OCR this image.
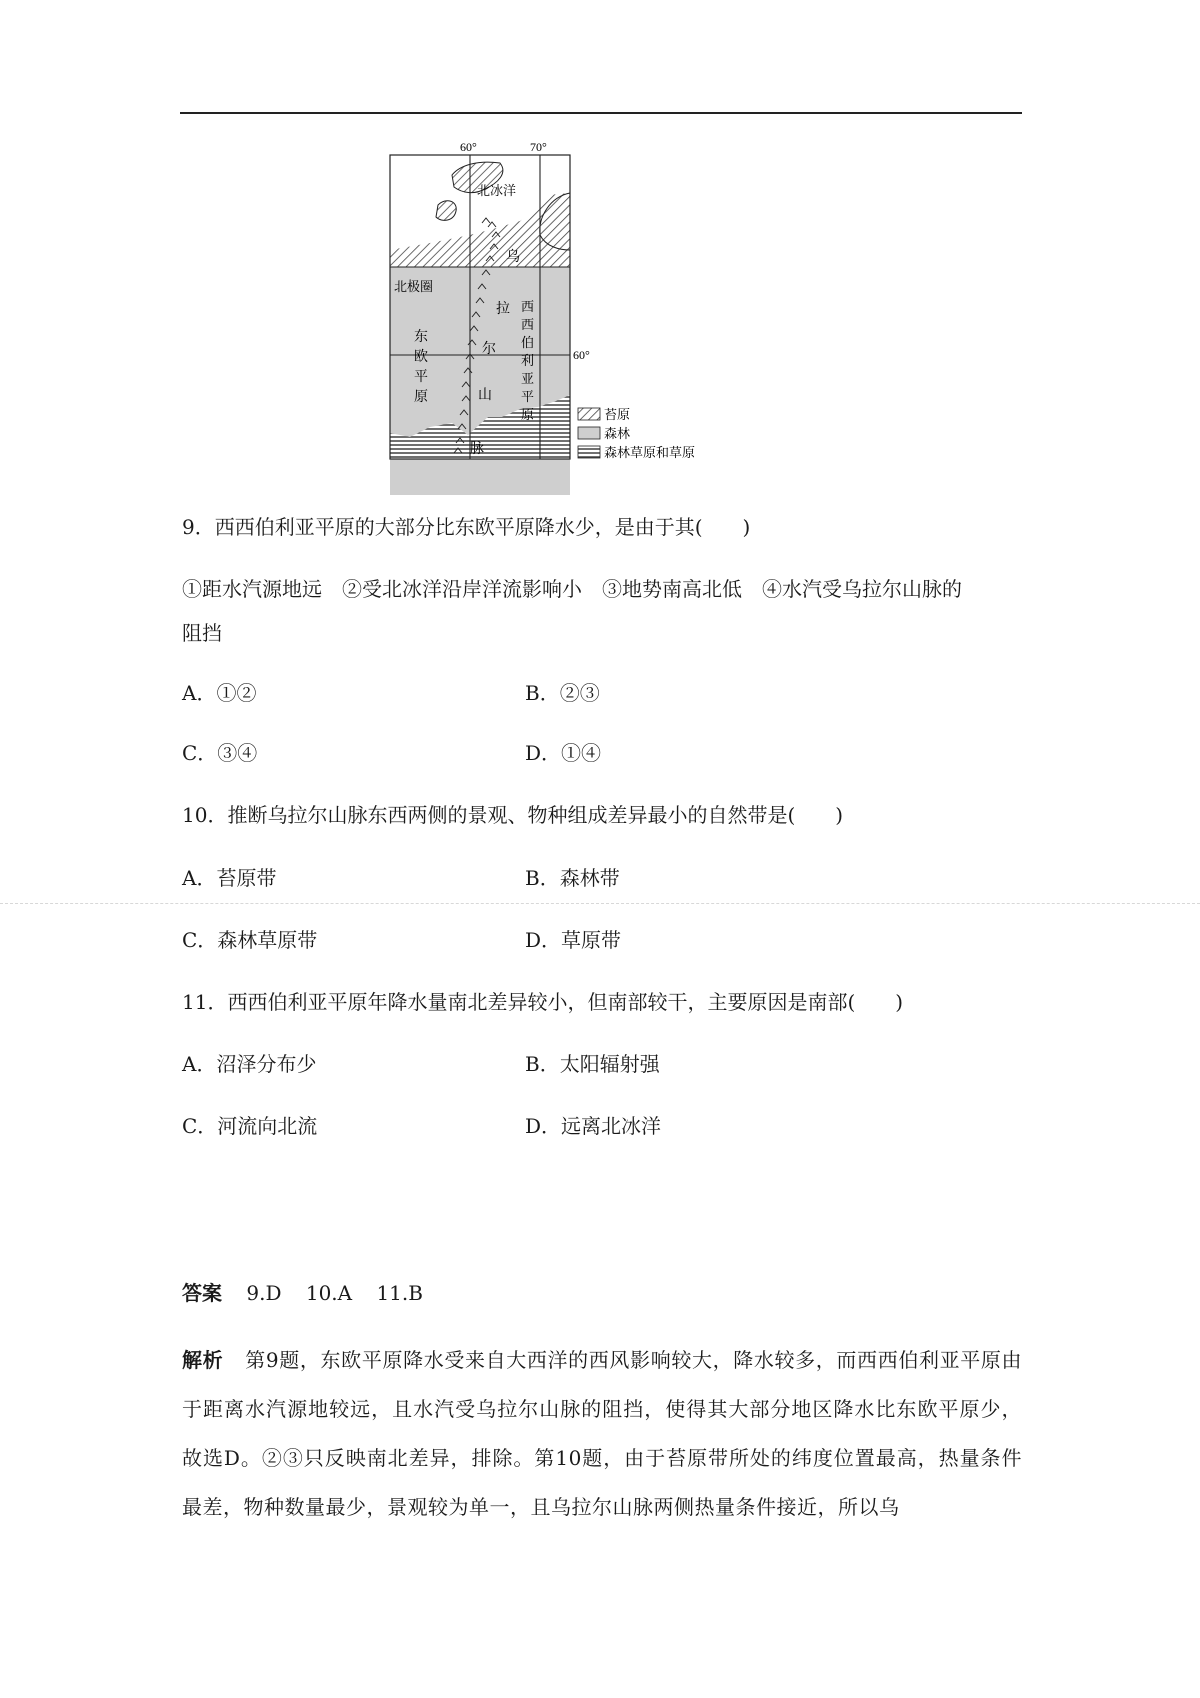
60°	70°
60°
北冰洋
北极圈
乌
拉
尔
山
脉
东
欧
平
原
西
西
伯
利
亚
平
原	苔原
森林
森林草原和草原
9．西西伯利亚平原的大部分比东欧平原降水少，是由于其(　　)
①距水汽源地远　②受北冰洋沿岸洋流影响小　③地势南高北低　④水汽受乌拉尔山脉的
阻挡
A．①②	B．②③
C．③④	D．①④
10．推断乌拉尔山脉东西两侧的景观、物种组成差异最小的自然带是(　　)
A．苔原带	B．森林带
C．森林草原带	D．草原带
11．西西伯利亚平原年降水量南北差异较小，但南部较干，主要原因是南部(　　)
A．沼泽分布少	B．太阳辐射强
C．河流向北流	D．远离北冰洋
答案 9.D 10.A 11.B
解析 第9题，东欧平原降水受来自大西洋的西风影响较大，降水较多，而西西伯利亚平原由于距离水汽源地较远，且水汽受乌拉尔山脉的阻挡，使得其大部分地区降水比东欧平原少，故选D。②③只反映南北差异，排除。第10题，由于苔原带所处的纬度位置最高，热量条件最差，物种数量最少，景观较为单一，且乌拉尔山脉两侧热量条件接近，所以乌
